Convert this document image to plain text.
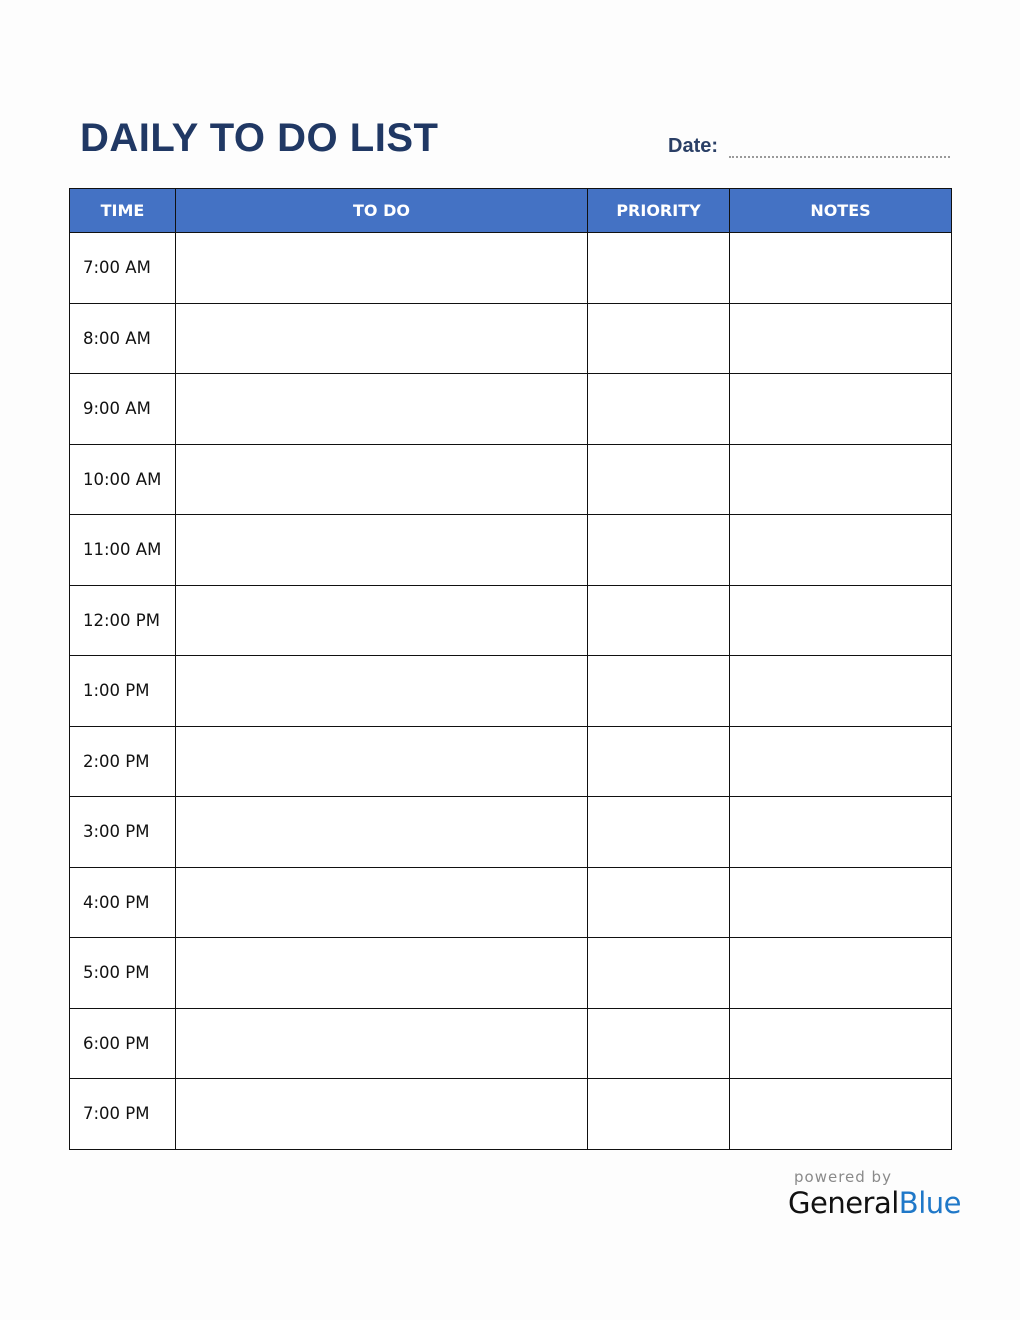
DAILY TO DO LIST	Date:
TIME	TO DO	PRIORITY	NOTES
7:00 AM			
8:00 AM			
9:00 AM			
10:00 AM			
11:00 AM			
12:00 PM			
1:00 PM			
2:00 PM			
3:00 PM			
4:00 PM			
5:00 PM			
6:00 PM			
7:00 PM			
powered by
GeneralBlue
